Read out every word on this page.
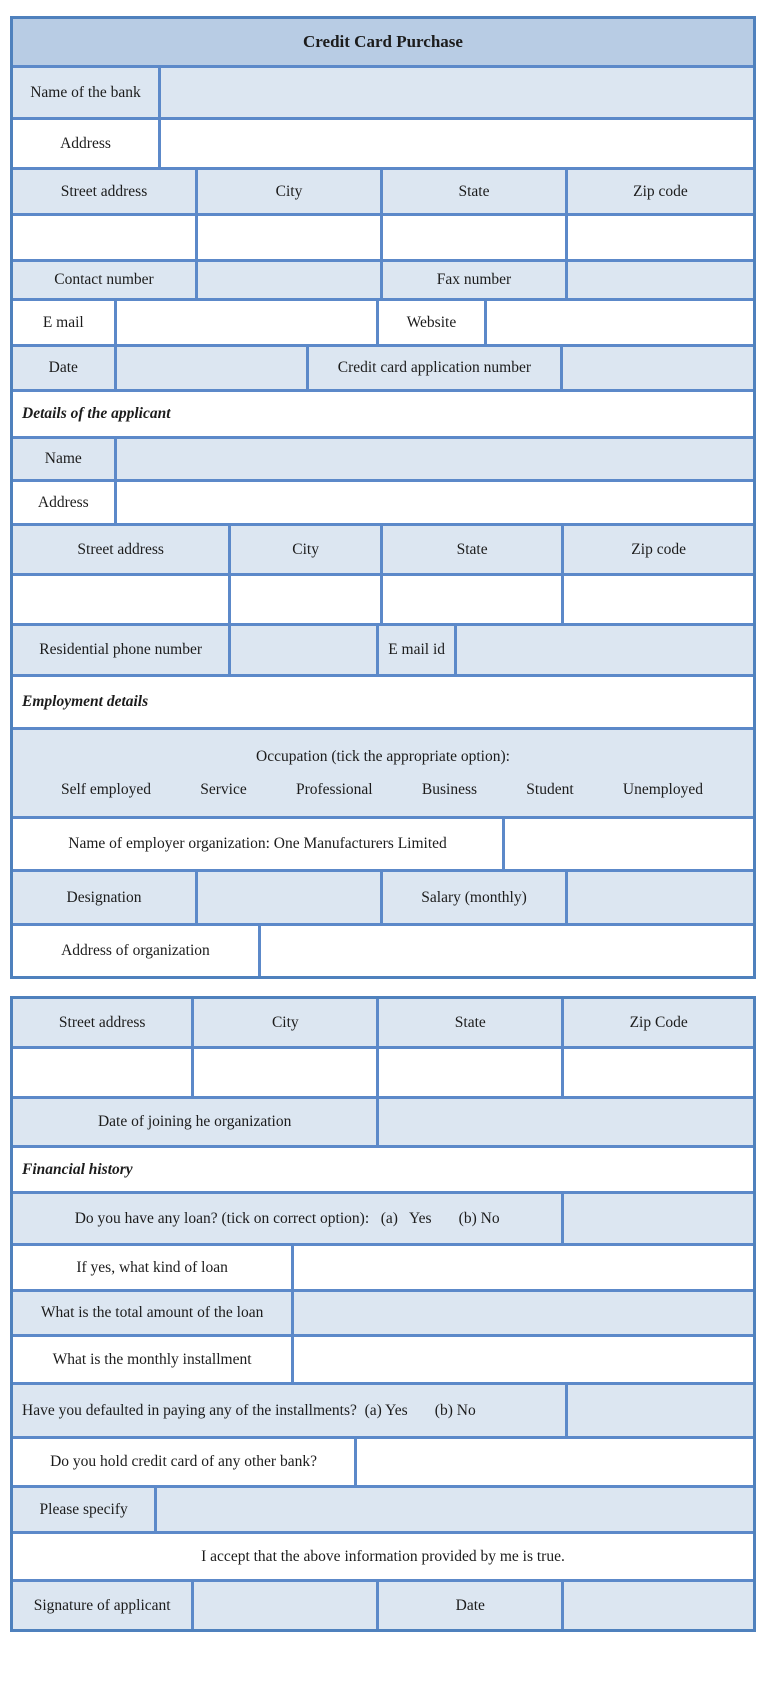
Credit Card Purchase
Name of the bank
Address
Street address	City	State	Zip code
Contact number	Fax number
E mail	Website
Date	Credit card application number
Details of the applicant
Name
Address
Street address	City	State	Zip code
Residential phone number	E mail id
Employment details
Occupation (tick the appropriate option):
Self employed	Service	Professional	Business	Student	Unemployed
Name of employer organization: One Manufacturers Limited
Designation	Salary (monthly)
Address of organization
Street address	City	State	Zip Code
Date of joining he organization
Financial history
Do you have any loan? (tick on correct option):   (a)   Yes       (b) No
If yes, what kind of loan
What is the total amount of the loan
What is the monthly installment
Have you defaulted in paying any of the installments?  (a) Yes       (b) No
Do you hold credit card of any other bank?
Please specify
I accept that the above information provided by me is true.
Signature of applicant	Date
